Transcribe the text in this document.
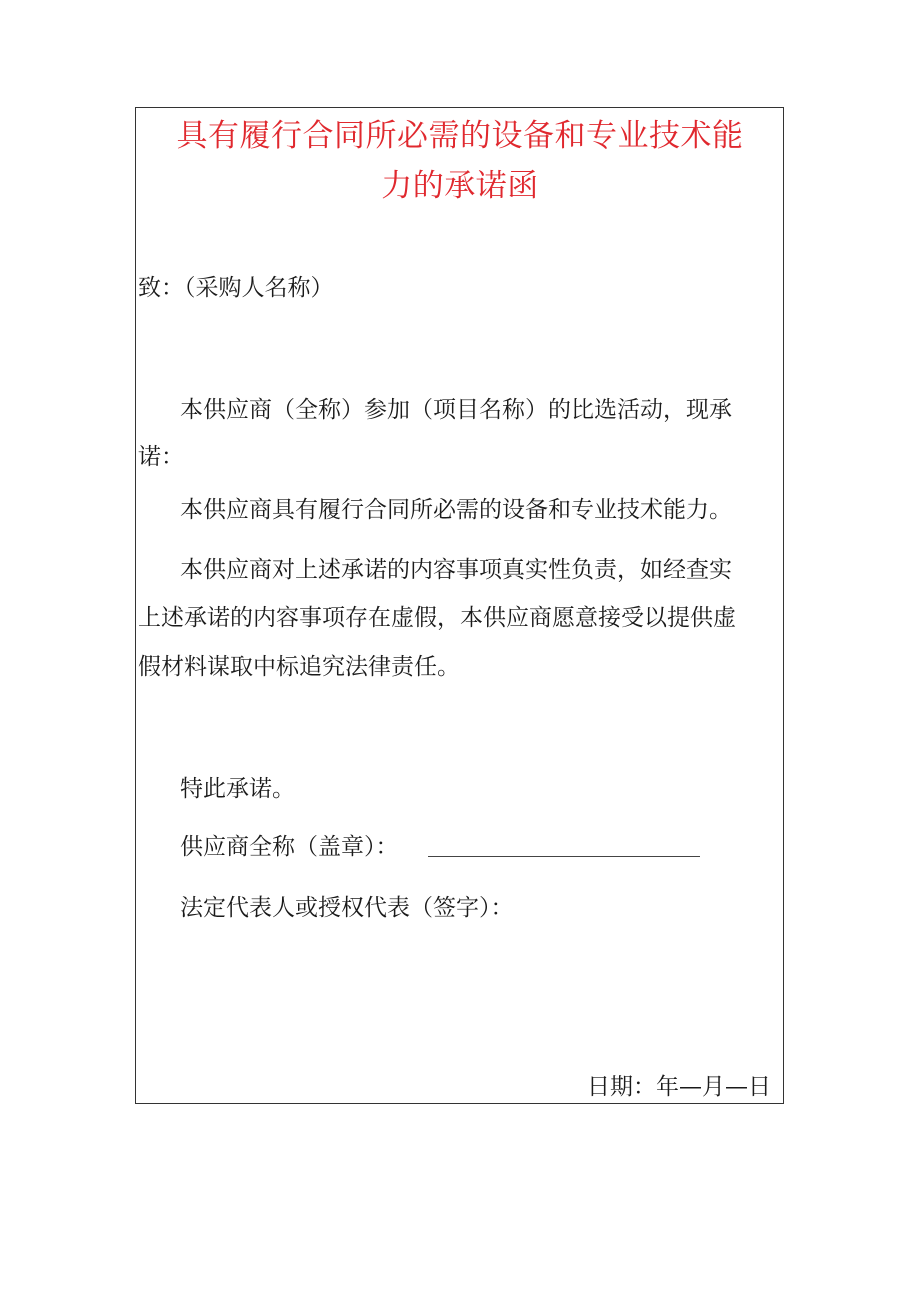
具有履行合同所必需的设备和专业技术能
力的承诺函

致：（采购人名称）

本供应商（全称）参加（项目名称）的比选活动，现承

诺：

本供应商具有履行合同所必需的设备和专业技术能力。

本供应商对上述承诺的内容事项真实性负责，如经查实

上述承诺的内容事项存在虚假，本供应商愿意接受以提供虚

假材料谋取中标追究法律责任。

特此承诺。

供应商全称（盖章）：

法定代表人或授权代表（签字）：

日期：年—月—日
